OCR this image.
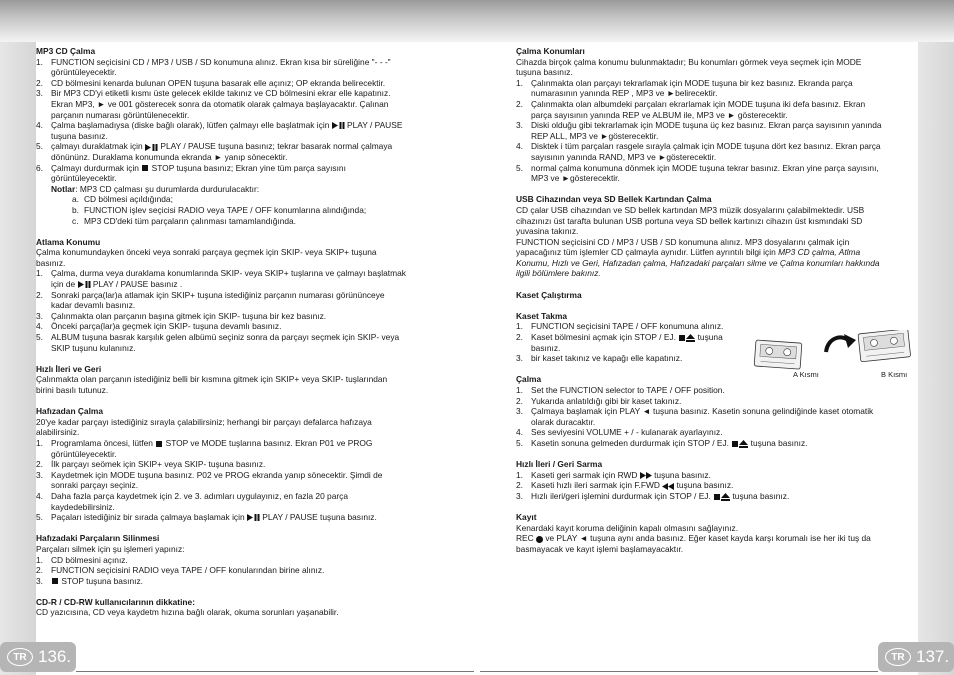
MP3 CD Çalma

1. FUNCTION seçicisini CD / MP3 / USB / SD konumuna alınız. Ekran kısa bir süreliğine "- - -"
görüntüleyecektir.
2. CD bölmesini kenarda bulunan OPEN tuşuna basarak elle açınız; OP ekranda belirecektir.
3. Bir MP3 CD'yi etiketli kısmı üste gelecek ekilde takınız ve CD bölmesini ekrar elle kapatınız.
Ekran MP3, ► ve 001 gösterecek sonra da otomatik olarak çalmaya başlayacaktır. Çalınan
parçanın numarası görüntülenecektir.
4. Çalma başlamadıysa (diske bağlı olarak), lütfen çalmayı elle başlatmak için PLAY / PAUSE
tuşuna basınız.
5. çalmayı duraklatmak için PLAY / PAUSE tuşuna basınız; tekrar basarak normal çalmaya
dönününz. Duraklama konumunda ekranda ► yanıp sönecektir.
6. Çalmayı durdurmak için STOP tuşuna basınız; Ekran yine tüm parça sayısını
görüntüleyecektir.
Notlar: MP3 CD çalması şu durumlarda durdurulacaktır:
a. CD bölmesi açıldığında;
b. FUNCTION işlev seçicisi RADIO veya TAPE / OFF konumlarına alındığında;
c. MP3 CD'deki tüm parçaların çalınması tamamlandığında.

Atlama Konumu

Çalma konumundayken önceki veya sonraki parçaya geçmek için SKIP- veya SKIP+ tuşuna

basınız.

1. Çalma, durma veya duraklama konumlarında SKIP- veya SKIP+ tuşlarına ve çalmayı başlatmak
için de PLAY / PAUSE basınız .
2. Sonraki parça(lar)a atlamak için SKIP+ tuşuna istediğiniz parçanın numarası görününceye
kadar devamlı basınız.
3. Çalınmakta olan parçanın başına gitmek için SKIP- tuşuna bir kez basınız.
4. Önceki parça(lar)a geçmek için SKIP- tuşuna devamlı basınız.
5. ALBUM tuşuna basrak karşılık gelen albümü seçiniz sonra da parçayı seçmek için SKIP- veya
SKIP tuşunu kulanınız.

Hızlı İleri ve Geri

Çalınmakta olan parçanın istediğiniz belli bir kısmına gitmek için SKIP+ veya SKIP- tuşlarından

birini basılı tutunuz.

Hafızadan Çalma

20'ye kadar parçayı istediğiniz sırayla çalabilirsiniz; herhangi bir parçayı defalarca hafızaya

alabilirsiniz.

1. Programlama öncesi, lütfen STOP ve MODE tuşlarına basınız. Ekran P01 ve PROG
görüntüleyecektir.
2. İlk parçayı seömek için SKIP+ veya SKIP- tuşuna basınız.
3. Kaydetmek için MODE tuşuna basınız. P02 ve PROG ekranda yanıp sönecektir. Şimdi de
sonraki parçayı seçiniz.
4. Daha fazla parça kaydetmek için 2. ve 3. adımları uygulayınız, en fazla 20 parça
kaydedebilirsiniz.
5. Paçaları istediğiniz bir sırada çalmaya başlamak için PLAY / PAUSE tuşuna basınız.

Hafızadaki Parçaların Silinmesi

Parçaları silmek için şu işlemeri yapınız:

1. CD bölmesini açınız.
2. FUNCTION seçicisini RADIO veya TAPE / OFF konularından birine alınız.
3. STOP tuşuna basınız.

CD-R / CD-RW kullanıcılarının dikkatine:

CD yazıcısına, CD veya kaydetm hızına bağlı olarak, okuma sorunları yaşanabilir.

Çalma Konumları

Cihazda birçok çalma konumu bulunmaktadır; Bu konumları görmek veya seçmek için MODE

tuşuna basınız.

1. Çalınmakta olan parçayı tekrarlamak için MODE tuşuna bir kez basınız. Ekranda parça
numarasının yanında REP , MP3 ve ►belirecektir.
2. Çalınmakta olan albumdeki parçaları ekrarlamak için MODE tuşuna iki defa basınız. Ekran
parça sayısının yanında REP ve ALBUM ile, MP3 ve ► gösterecektir.
3. Diski olduğu gibi tekrarlamak için MODE tuşuna üç kez basınız. Ekran parça sayısının yanında
REP ALL, MP3 ve ►gösterecektir.
4. Disktek i tüm parçaları rasgele sırayla çalmak için MODE tuşuna dört kez basınız. Ekran parça
sayısının yanında RAND, MP3 ve ►gösterecektir.
5. normal çalma konumuna dönmek için MODE tuşuna tekrar basınız. Ekran yine parça sayısını,
MP3 ve ►gösterecektir.

USB Cihazından veya SD Bellek Kartından Çalma

CD çalar USB cihazından ve SD bellek kartından MP3 müzik dosyalarını çalabilmektedir. USB

cihazınızı üst tarafta bulunan USB portuna veya SD bellek kartınızı cihazın üst kısmındaki SD

yuvasina takınız.

FUNCTION seçicisini CD / MP3 / USB / SD konumuna alınız. MP3 dosyalarını çalmak için

yapacağınız tüm işlemler CD çalmayla aynıdır. Lütfen ayrıntılı bilgi için MP3 CD çalma, Atlma

Konumu, Hızlı ve Geri, Hafızadan çalma, Hafızadaki parçaları silme ve Çalma konumları hakkında

ilgili bölümlere bakınız.

Kaset Çalıştırma

Kaset Takma

1. FUNCTION seçicisini TAPE / OFF konumuna alınız.
2. Kaset bölmesini açmak için STOP / EJ.	tuşuna
basınız.
3. bir kaset takınız ve kapağı elle kapatınız.

Çalma

1. Set the FUNCTION selector to TAPE / OFF position.
2. Yukarıda anlatıldığı gibi bir kaset takınız.
3. Çalmaya başlamak için PLAY ◄ tuşuna basınız. Kasetin sonuna gelindiğinde kaset otomatik
olarak duracaktır.
4. Ses seviyesini VOLUME + / - kulanarak ayarlayınız.
5. Kasetin sonuna gelmeden durdurmak için STOP / EJ.	tuşuna basınız.

Hızlı İleri / Geri Sarma

1. Kaseti geri sarmak için RWD tuşuna basınız.
2. Kaseti hızlı ileri sarmak için F.FWD tuşuna basınız.
3. Hızlı ileri/geri işlemini durdurmak için STOP / EJ.	tuşuna basınız.

Kayıt

Kenardaki kayıt koruma deliğinin kapalı olmasını sağlayınız.

REC ve PLAY ◄ tuşuna aynı anda basınız. Eğer kaset kayda karşı korumalı ise her iki tuş da

basmayacak ve kayıt işlemi başlamayacaktır.

A Kısmı	B Kısmı
TR 136.	TR 137.
